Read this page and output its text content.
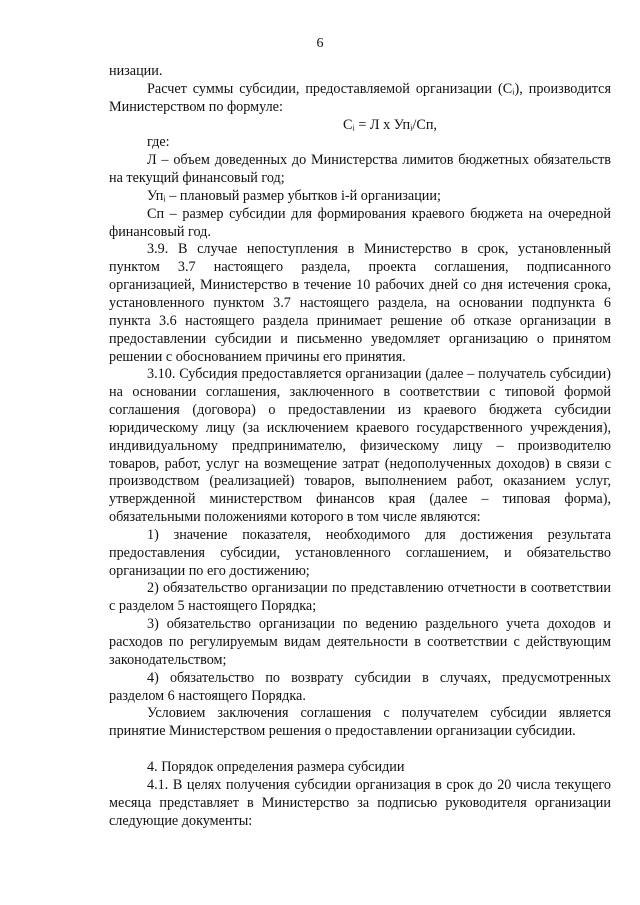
6

низации.

Расчет суммы субсидии, предоставляемой организации (Сᵢ), производится Министерством по формуле:

Сᵢ = Л x Упᵢ/Сп,

где:

Л – объем доведенных до Министерства лимитов бюджетных обязательств на текущий финансовый год;

Упᵢ – плановый размер убытков i-й организации;

Сп – размер субсидии для формирования краевого бюджета на очередной финансовый год.

3.9. В случае непоступления в Министерство в срок, установленный пунктом 3.7 настоящего раздела, проекта соглашения, подписанного организацией, Министерство в течение 10 рабочих дней со дня истечения срока, установленного пунктом 3.7 настоящего раздела, на основании подпункта 6 пункта 3.6 настоящего раздела принимает решение об отказе организации в предоставлении субсидии и письменно уведомляет организацию о принятом решении с обоснованием причины его принятия.

3.10. Субсидия предоставляется организации (далее – получатель субсидии) на основании соглашения, заключенного в соответствии с типовой формой соглашения (договора) о предоставлении из краевого бюджета субсидии юридическому лицу (за исключением краевого государственного учреждения), индивидуальному предпринимателю, физическому лицу – производителю товаров, работ, услуг на возмещение затрат (недополученных доходов) в связи с производством (реализацией) товаров, выполнением работ, оказанием услуг, утвержденной министерством финансов края (далее – типовая форма), обязательными положениями которого в том числе являются:

1) значение показателя, необходимого для достижения результата предоставления субсидии, установленного соглашением, и обязательство организации по его достижению;

2) обязательство организации по представлению отчетности в соответствии с разделом 5 настоящего Порядка;

3) обязательство организации по ведению раздельного учета доходов и расходов по регулируемым видам деятельности в соответствии с действующим законодательством;

4) обязательство по возврату субсидии в случаях, предусмотренных разделом 6 настоящего Порядка.

Условием заключения соглашения с получателем субсидии является принятие Министерством решения о предоставлении организации субсидии.

4. Порядок определения размера субсидии

4.1. В целях получения субсидии организация в срок до 20 числа текущего месяца представляет в Министерство за подписью руководителя организации следующие документы:
